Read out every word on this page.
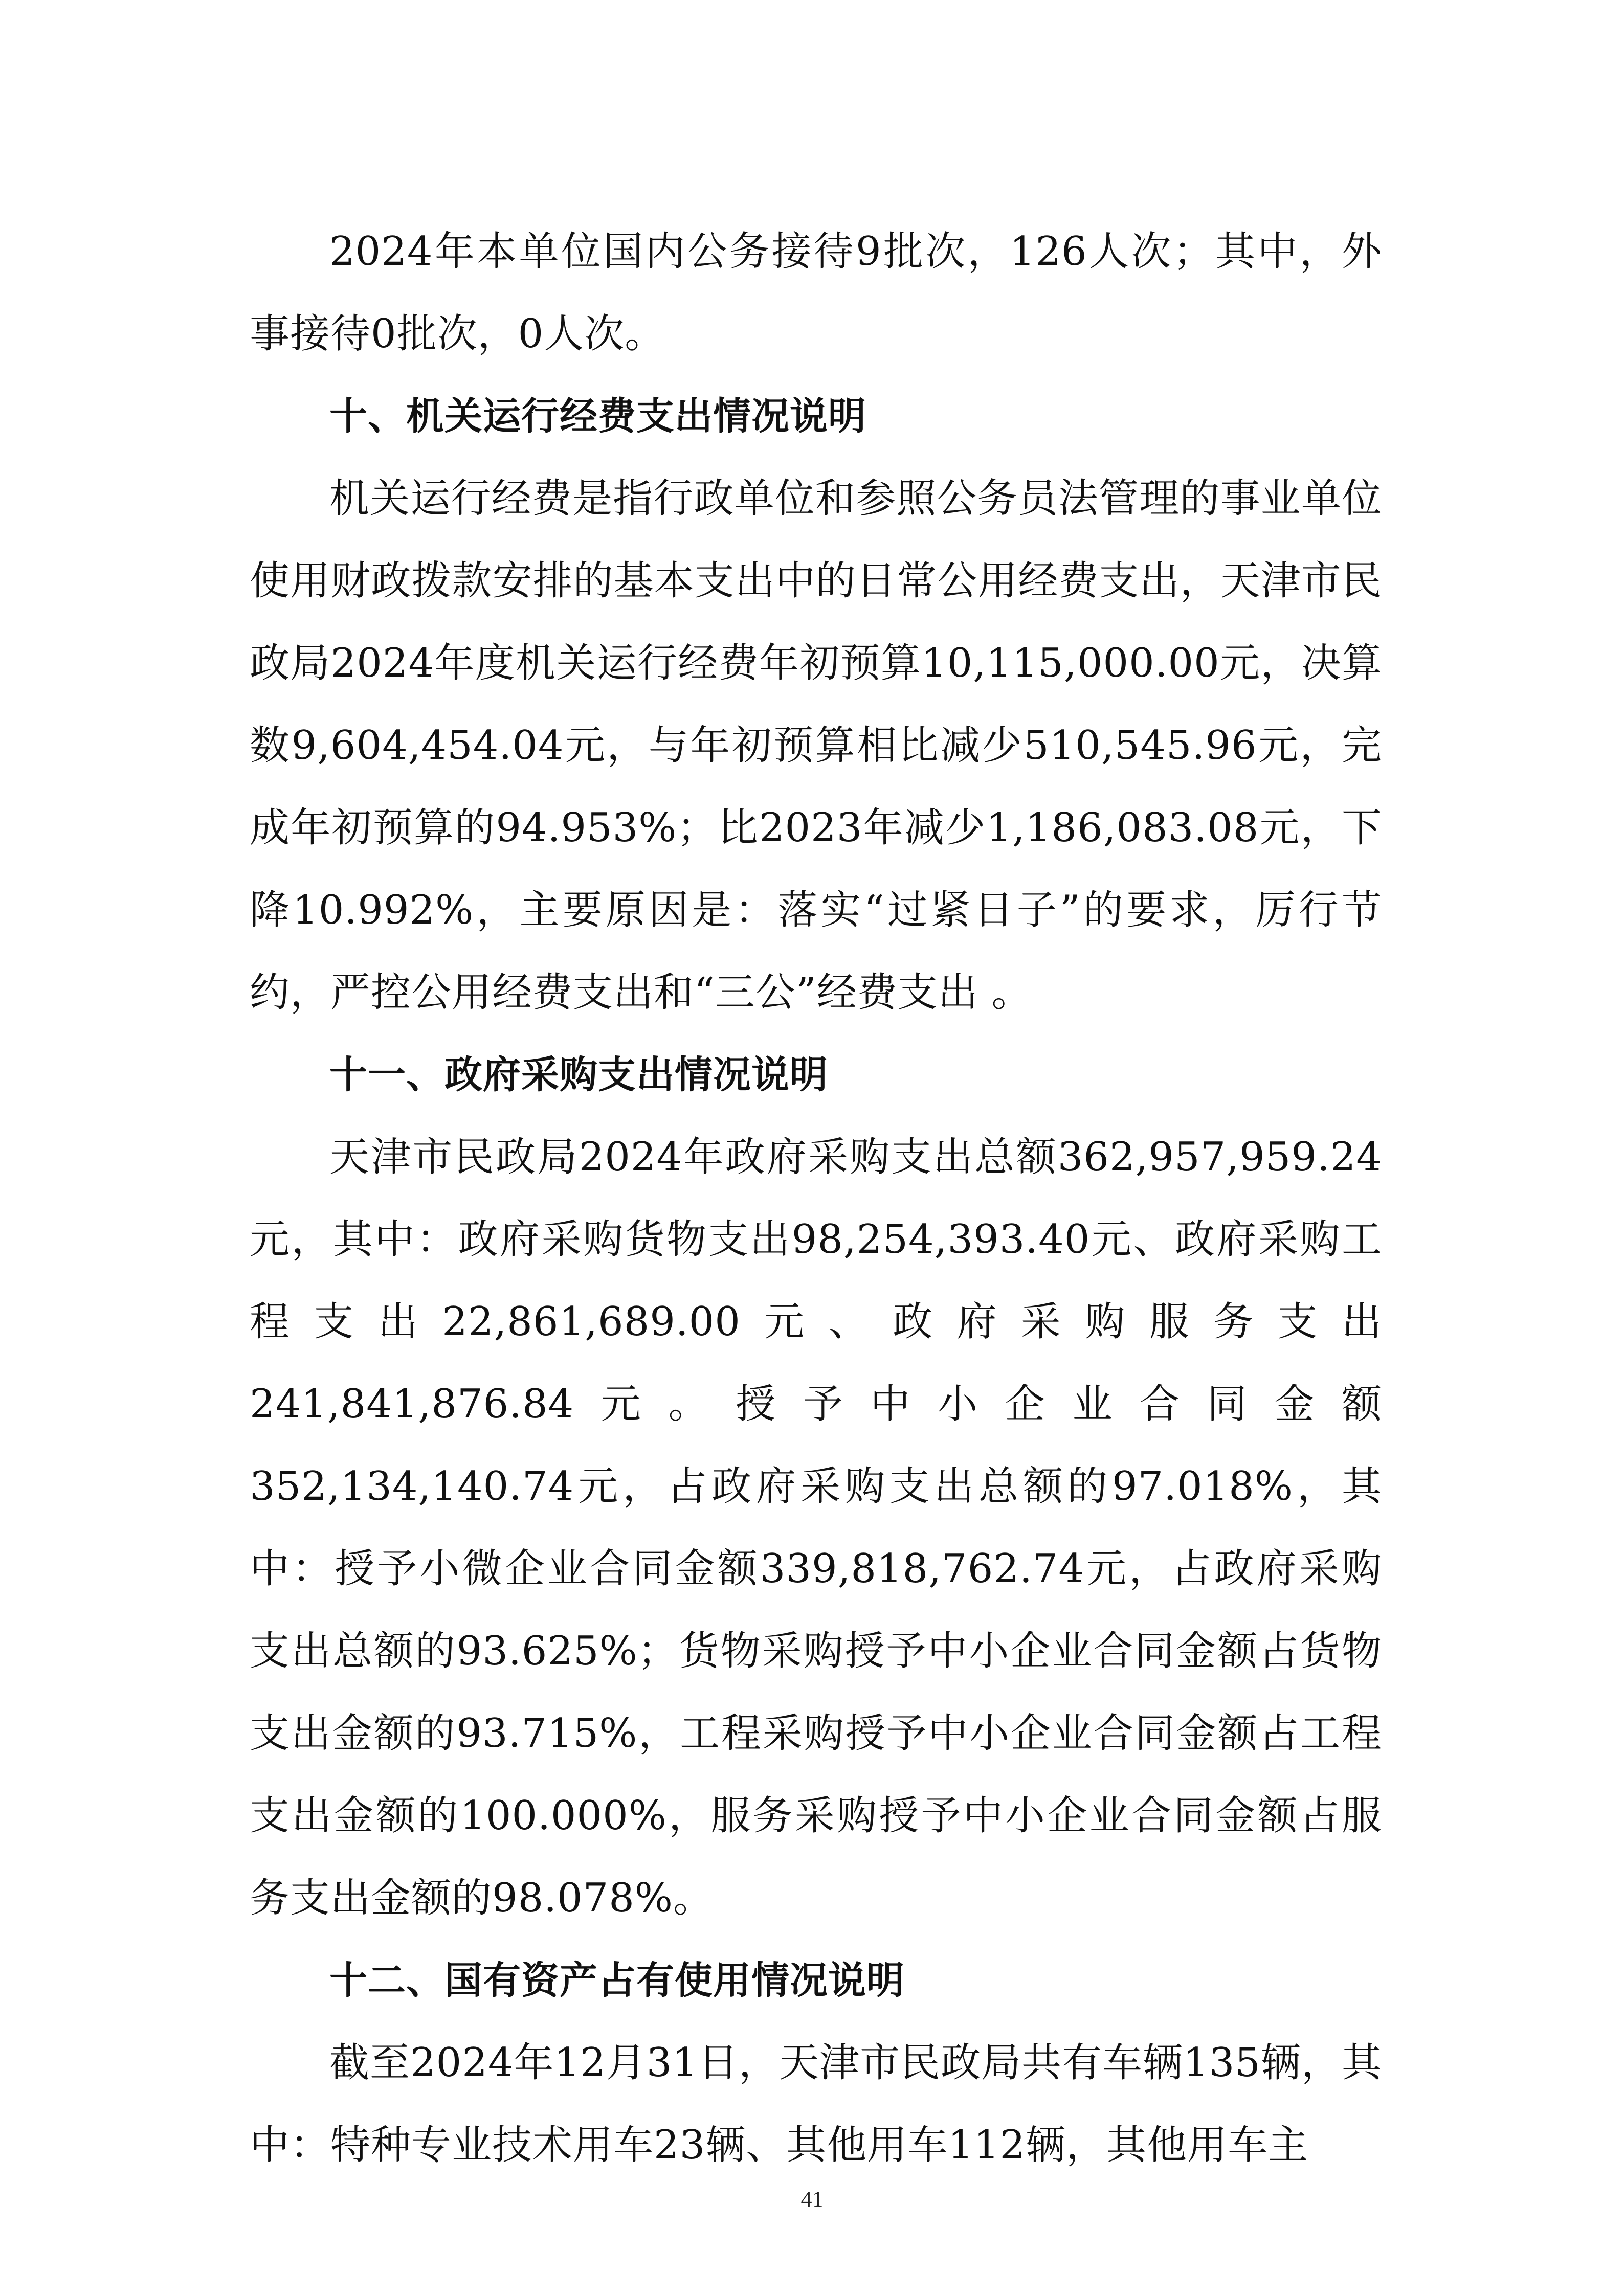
2024年本单位国内公务接待9批次，126人次；其中，外事接待0批次，0人次。

十、机关运行经费支出情况说明

机关运行经费是指行政单位和参照公务员法管理的事业单位使用财政拨款安排的基本支出中的日常公用经费支出，天津市民政局2024年度机关运行经费年初预算10,115,000.00元，决算数9,604,454.04元，与年初预算相比减少510,545.96元，完成年初预算的94.953%；比2023年减少1,186,083.08元，下降10.992%，主要原因是：落实“过紧日子”的要求，厉行节约，严控公用经费支出和“三公”经费支出 。

十一、政府采购支出情况说明

天津市民政局2024年政府采购支出总额362,957,959.24元，其中：政府采购货物支出98,254,393.40元、政府采购工程支出22,861,689.00元、政府采购服务支出241,841,876.84元。授予中小企业合同金额352,134,140.74元，占政府采购支出总额的97.018%，其中：授予小微企业合同金额339,818,762.74元，占政府采购支出总额的93.625%；货物采购授予中小企业合同金额占货物支出金额的93.715%，工程采购授予中小企业合同金额占工程支出金额的100.000%，服务采购授予中小企业合同金额占服务支出金额的98.078%。

十二、国有资产占有使用情况说明

截至2024年12月31日，天津市民政局共有车辆135辆，其中：特种专业技术用车23辆、其他用车112辆，其他用车主

41
